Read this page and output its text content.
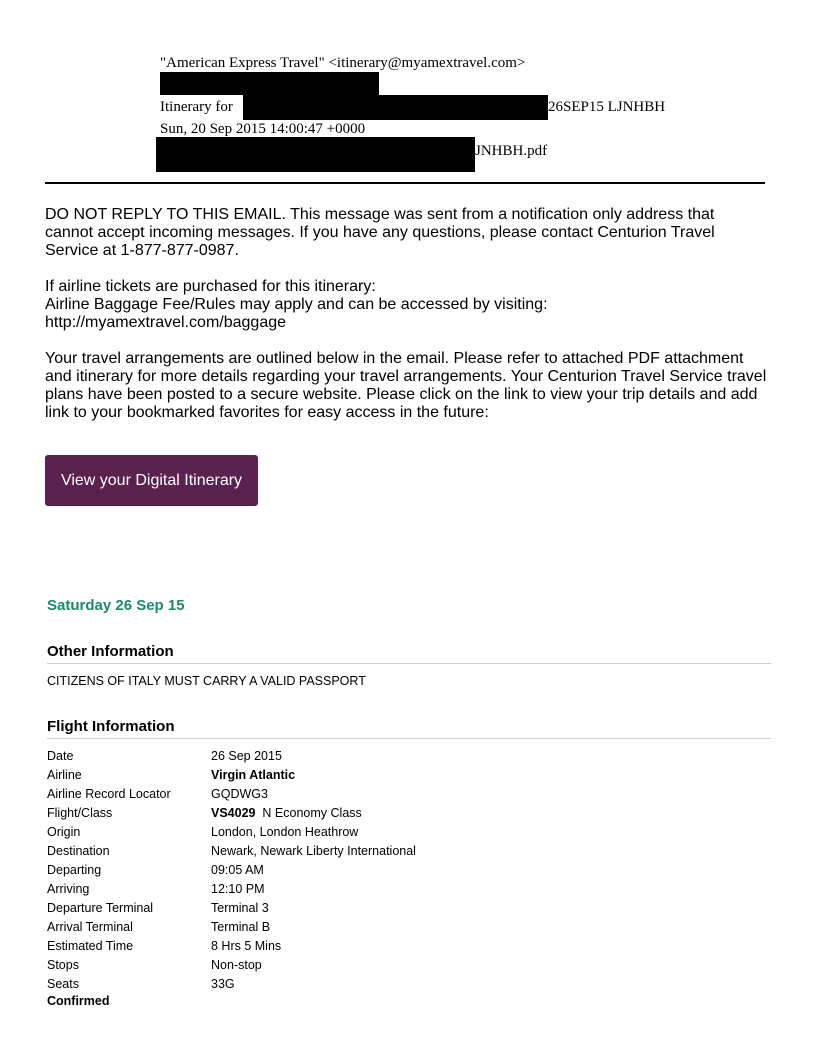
"American Express Travel" <itinerary@myamextravel.com>
Itinerary for	26SEP15 LJNHBH
Sun, 20 Sep 2015 14:00:47 +0000
JNHBH.pdf

DO NOT REPLY TO THIS EMAIL. This message was sent from a notification only address that
cannot accept incoming messages. If you have any questions, please contact Centurion Travel
Service at 1-877-877-0987.

If airline tickets are purchased for this itinerary:
Airline Baggage Fee/Rules may apply and can be accessed by visiting:
http://myamextravel.com/baggage

Your travel arrangements are outlined below in the email. Please refer to attached PDF attachment
and itinerary for more details regarding your travel arrangements. Your Centurion Travel Service travel
plans have been posted to a secure website. Please click on the link to view your trip details and add
link to your bookmarked favorites for easy access in the future:

View your Digital Itinerary
Saturday 26 Sep 15
Other Information
CITIZENS OF ITALY MUST CARRY A VALID PASSPORT
Flight Information
Date	26 Sep 2015
Airline	Virgin Atlantic
Airline Record Locator	GQDWG3
Flight/Class	VS4029  N Economy Class
Origin	London, London Heathrow
Destination	Newark, Newark Liberty International
Departing	09:05 AM
Arriving	12:10 PM
Departure Terminal	Terminal 3
Arrival Terminal	Terminal B
Estimated Time	8 Hrs 5 Mins
Stops	Non-stop
Seats	33G
Confirmed
